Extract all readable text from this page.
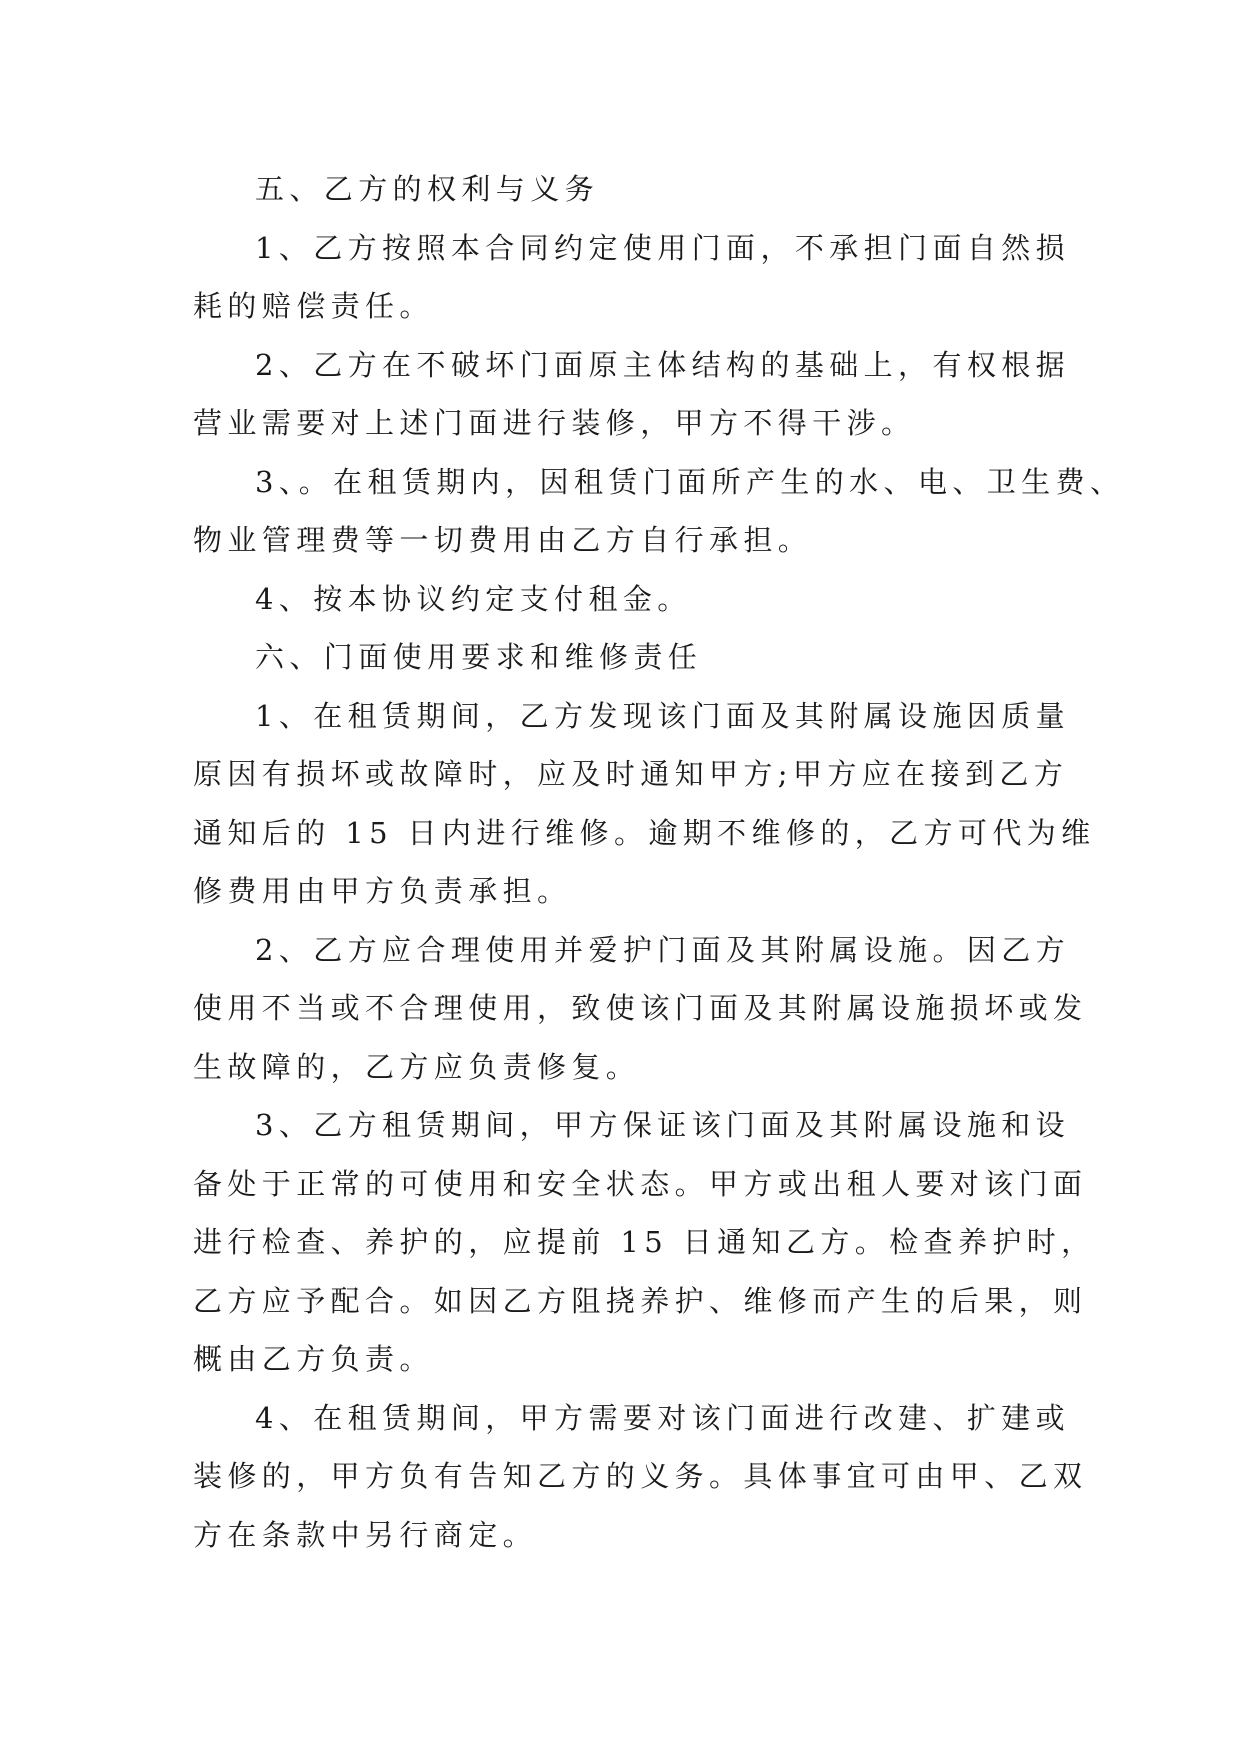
五、乙方的权利与义务

1、乙方按照本合同约定使用门面，不承担门面自然损

耗的赔偿责任。

2、乙方在不破坏门面原主体结构的基础上，有权根据

营业需要对上述门面进行装修，甲方不得干涉。

3、。在租赁期内，因租赁门面所产生的水、电、卫生费、

物业管理费等一切费用由乙方自行承担。

4、按本协议约定支付租金。

六、门面使用要求和维修责任

1、在租赁期间，乙方发现该门面及其附属设施因质量

原因有损坏或故障时，应及时通知甲方;甲方应在接到乙方

通知后的 15 日内进行维修。逾期不维修的，乙方可代为维

修费用由甲方负责承担。

2、乙方应合理使用并爱护门面及其附属设施。因乙方

使用不当或不合理使用，致使该门面及其附属设施损坏或发

生故障的，乙方应负责修复。

3、乙方租赁期间，甲方保证该门面及其附属设施和设

备处于正常的可使用和安全状态。甲方或出租人要对该门面

进行检查、养护的，应提前 15 日通知乙方。检查养护时，

乙方应予配合。如因乙方阻挠养护、维修而产生的后果，则

概由乙方负责。

4、在租赁期间，甲方需要对该门面进行改建、扩建或

装修的，甲方负有告知乙方的义务。具体事宜可由甲、乙双

方在条款中另行商定。
